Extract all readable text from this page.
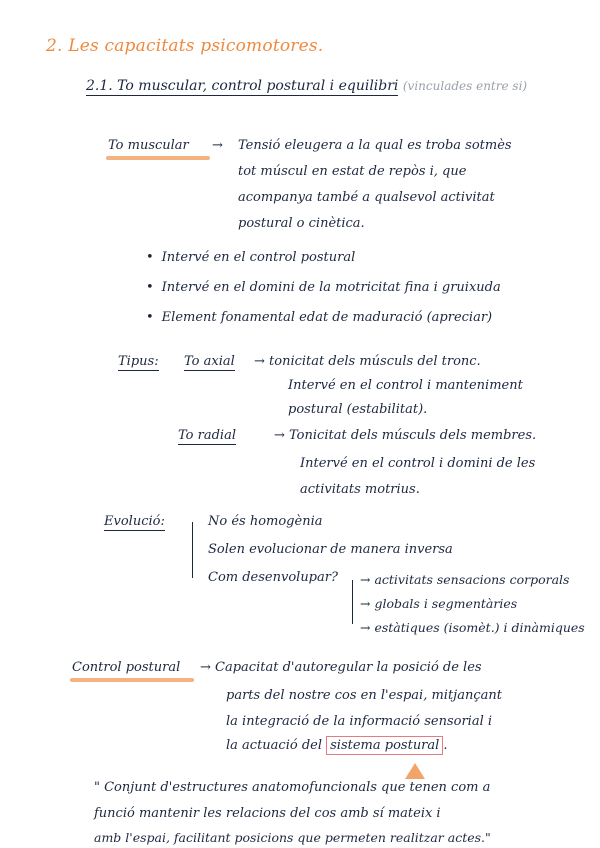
2. Les capacitats psicomotores.
2.1. To muscular, control postural i equilibri (vinculades entre si)
To muscular → Tensió eleugera a la qual es troba sotmès
tot múscul en estat de repòs i, que
acompanya també a qualsevol activitat
postural o cinètica.
• Intervé en el control postural
• Intervé en el domini de la motricitat fina i gruixuda
• Element fonamental edat de maduració (apreciar)
Tipus: To axial → tonicitat dels músculs del tronc.
Intervé en el control i manteniment
postural (estabilitat).
To radial	→ Tonicitat dels músculs dels membres.
Intervé en el control i domini de les
activitats motrius.
Evolució:	No és homogènia
Solen evolucionar de manera inversa
Com desenvolupar? → activitats sensacions corporals
→ globals i segmentàries
→ estàtiques (isomèt.) i dinàmiques
Control postural → Capacitat d'autoregular la posició de les
parts del nostre cos en l'espai, mitjançant
la integració de la informació sensorial i
la actuació del sistema postural .
" Conjunt d'estructures anatomofuncionals que tenen com a
funció mantenir les relacions del cos amb sí mateix i
amb l'espai, facilitant posicions que permeten realitzar actes."
